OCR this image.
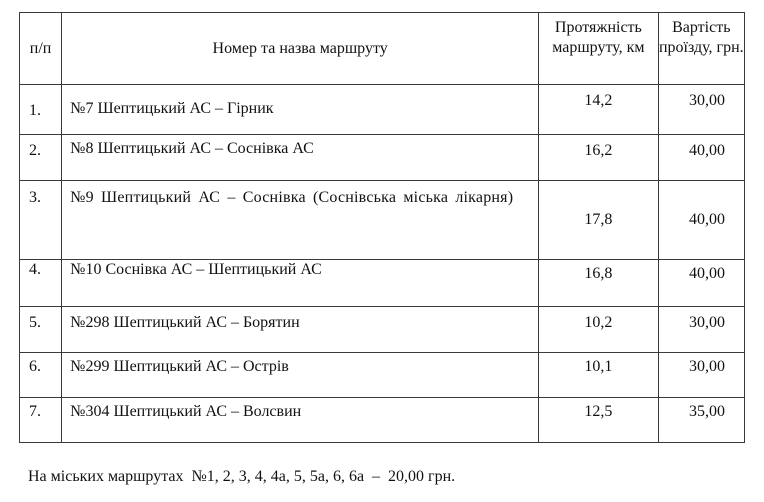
п/п	Номер та назва маршруту	Протяжність маршруту, км	Вартість проїзду, грн.
1.	№7 Шептицький АС – Гірник	14,2	30,00
2.	№8 Шептицький АС – Соснівка АС	16,2	40,00
3.	№9 Шептицький АС – Соснівка (Соснівська міська лікарня)	17,8	40,00
4.	№10 Соснівка АС – Шептицький АС	16,8	40,00
5.	№298 Шептицький АС – Борятин	10,2	30,00
6.	№299 Шептицький АС – Острів	10,1	30,00
7.	№304 Шептицький АС – Волсвин	12,5	35,00
На міських маршрутах  №1, 2, 3, 4, 4а, 5, 5а, 6, 6а  –  20,00 грн.
